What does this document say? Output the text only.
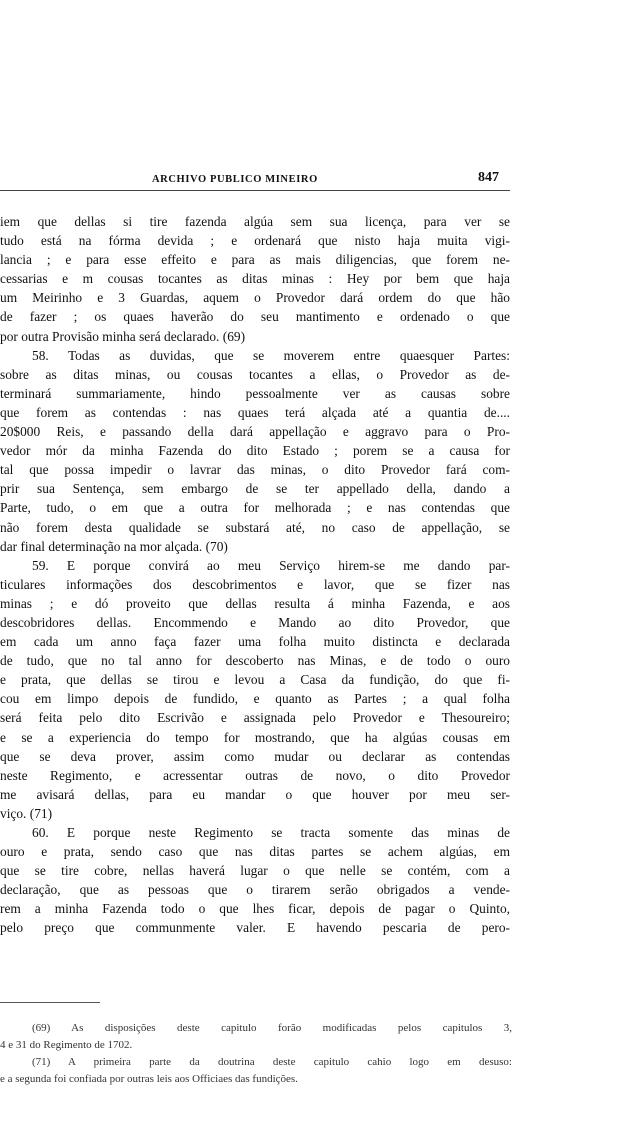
ARCHIVO PUBLICO MINEIRO	847
iem que dellas si tire fazenda algúa sem sua licença, para ver se
tudo está na fórma devida ; e ordenará que nisto haja muita vigi-
lancia ; e para esse effeito e para as mais diligencias, que forem ne-
cessarias e m cousas tocantes as ditas minas : Hey por bem que haja
um Meirinho e 3 Guardas, aquem o Provedor dará ordem do que hão
de fazer ; os quaes haverão do seu mantimento e ordenado o que
por outra Provisão minha será declarado. (69)
58. Todas as duvidas, que se moverem entre quaesquer Partes:
sobre as ditas minas, ou cousas tocantes a ellas, o Provedor as de-
terminará summariamente, hindo pessoalmente ver as causas sobre
que forem as contendas : nas quaes terá alçada até a quantia de....
20$000 Reis, e passando della dará appellação e aggravo para o Pro-
vedor mór da minha Fazenda do dito Estado ; porem se a causa for
tal que possa impedir o lavrar das minas, o dito Provedor fará com-
prir sua Sentença, sem embargo de se ter appellado della, dando a
Parte, tudo, o em que a outra for melhorada ; e nas contendas que
não forem desta qualidade se substará até, no caso de appellação, se
dar final determinação na mor alçada. (70)
59. E porque convirá ao meu Serviço hirem-se me dando par-
ticulares informações dos descobrimentos e lavor, que se fizer nas
minas ; e dó proveito que dellas resulta á minha Fazenda, e aos
descobridores dellas. Encommendo e Mando ao dito Provedor, que
em cada um anno faça fazer uma folha muito distincta e declarada
de tudo, que no tal anno for descoberto nas Minas, e de todo o ouro
e prata, que dellas se tirou e levou a Casa da fundição, do que fi-
cou em limpo depois de fundido, e quanto as Partes ; a qual folha
será feita pelo dito Escrivão e assignada pelo Provedor e Thesoureiro;
e se a experiencia do tempo for mostrando, que ha algúas cousas em
que se deva prover, assim como mudar ou declarar as contendas
neste Regimento, e acressentar outras de novo, o dito Provedor
me avisará dellas, para eu mandar o que houver por meu ser-
viço. (71)
60. E porque neste Regimento se tracta somente das minas de
ouro e prata, sendo caso que nas ditas partes se achem algúas, em
que se tire cobre, nellas haverá lugar o que nelle se contém, com a
declaração, que as pessoas que o tirarem serão obrigados a vende-
rem a minha Fazenda todo o que lhes ficar, depois de pagar o Quinto,
pelo preço que communmente valer. E havendo pescaria de pero-
(69) As disposições deste capitulo forão modificadas pelos capitulos 3,
4 e 31 do Regimento de 1702.
(71) A primeira parte da doutrina deste capitulo cahio logo em desuso:
e a segunda foi confiada por outras leis aos Officiaes das fundições.
